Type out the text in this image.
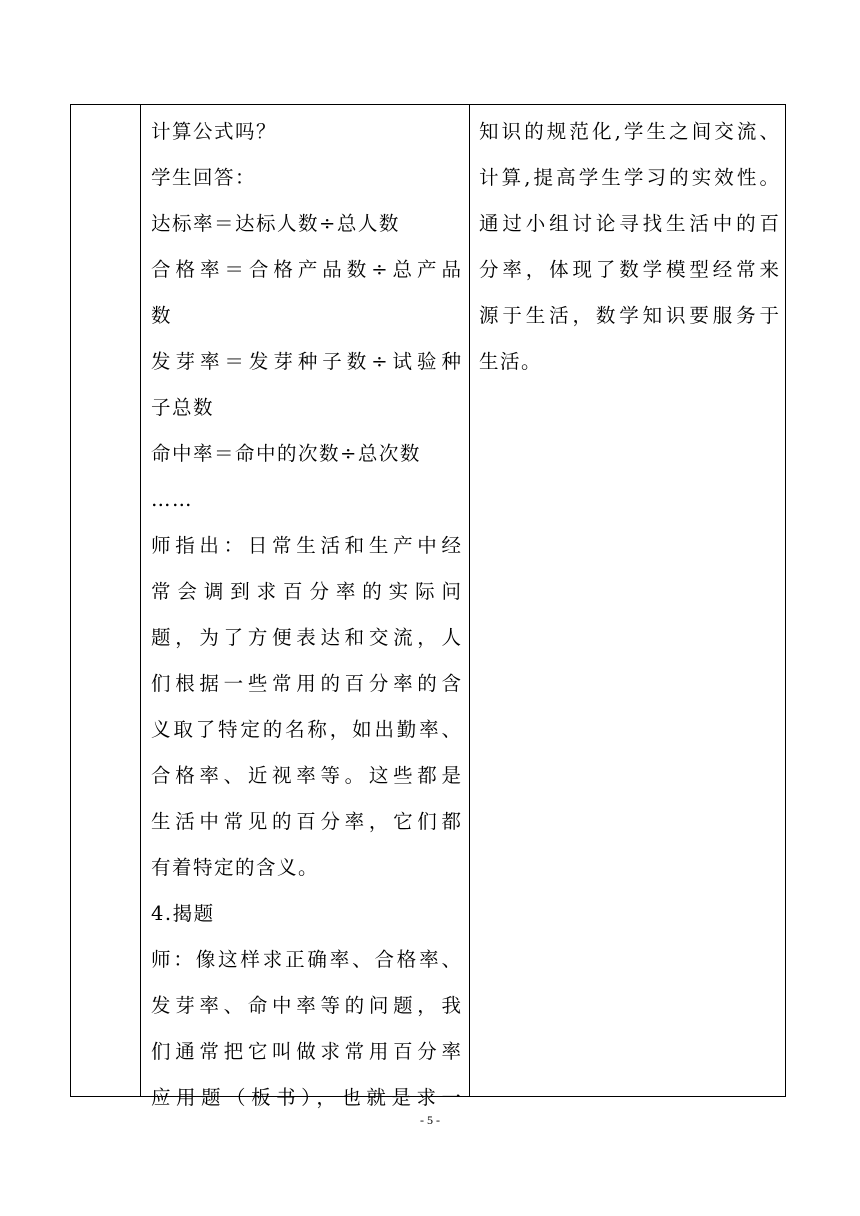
计算公式吗？
学生回答：
达标率＝达标人数÷总人数
合格率＝合格产品数÷总产品
数
发芽率＝发芽种子数÷试验种
子总数
命中率＝命中的次数÷总次数
……
师指出：日常生活和生产中经
常会调到求百分率的实际问
题，为了方便表达和交流，人
们根据一些常用的百分率的含
义取了特定的名称，如出勤率、
合格率、近视率等。这些都是
生活中常见的百分率，它们都
有着特定的含义。
4.揭题
师：像这样求正确率、合格率、
发芽率、命中率等的问题，我
们通常把它叫做求常用百分率
应用题（板书），也就是求一
知识的规范化,学生之间交流、
计算,提高学生学习的实效性。
通过小组讨论寻找生活中的百
分率，体现了数学模型经常来
源于生活，数学知识要服务于
生活。
- 5 -
